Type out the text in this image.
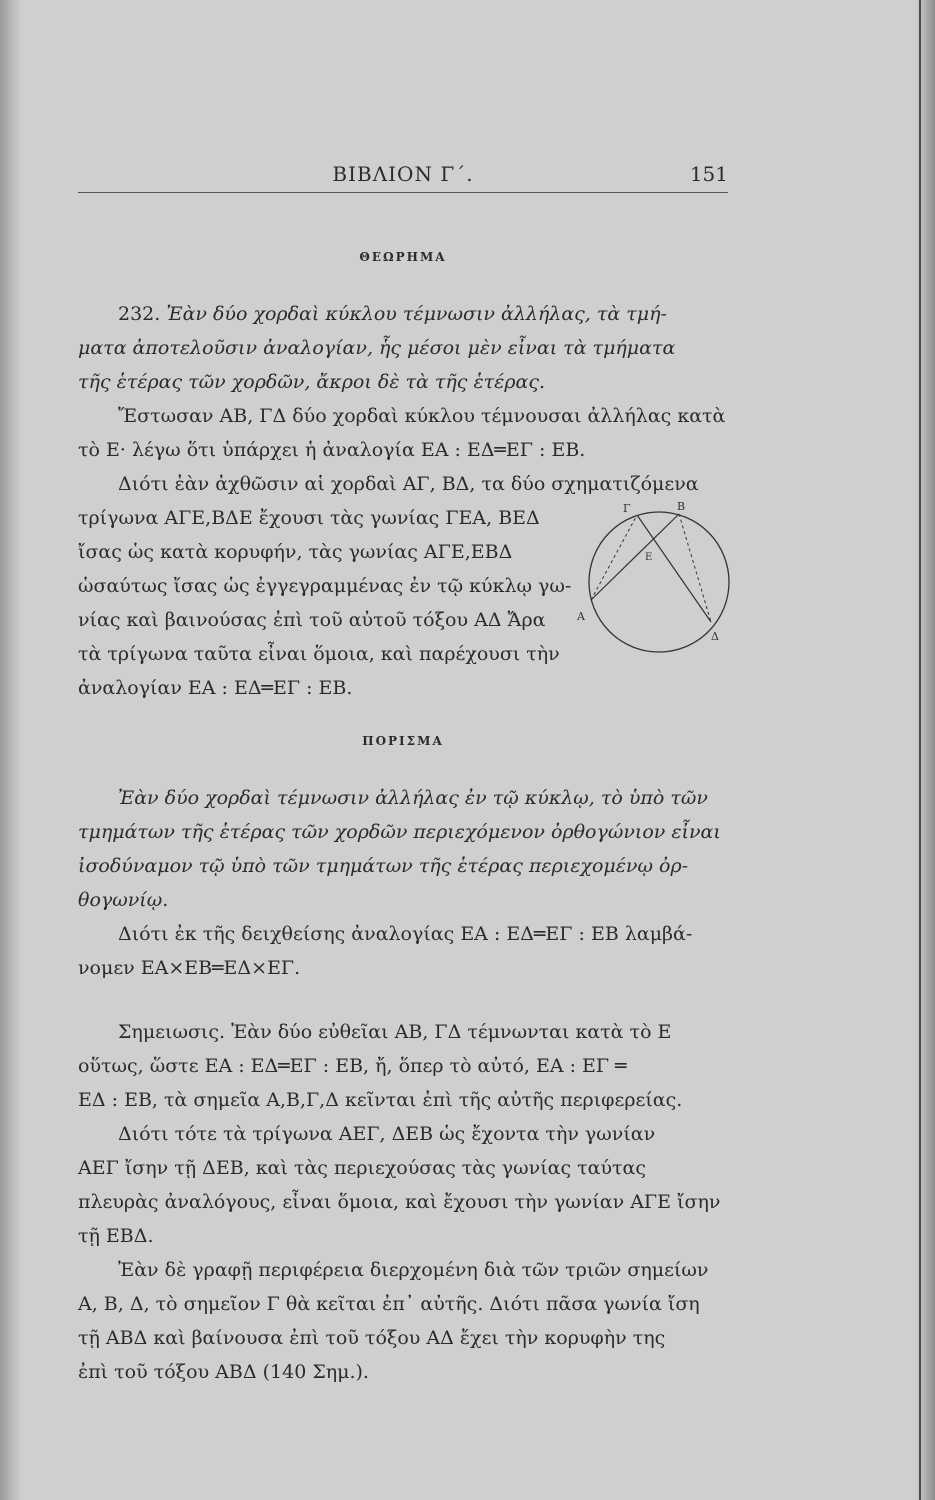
ΒΙΒΛΙΟΝ Γ΄.	151
ΘΕΩΡΗΜΑ
232. Ἐὰν δύο χορδαὶ κύκλου τέμνωσιν ἀλλήλας, τὰ τμή-
ματα ἀποτελοῦσιν ἀναλογίαν, ἧς μέσοι μὲν εἶναι τὰ τμήματα
τῆς ἑτέρας τῶν χορδῶν, ἄκροι δὲ τὰ τῆς ἑτέρας.
Ἔστωσαν ΑΒ, ΓΔ δύο χορδαὶ κύκλου τέμνουσαι ἀλλήλας κατὰ
τὸ Ε· λέγω ὅτι ὑπάρχει ἡ ἀναλογία ΕΑ : ΕΔ═ΕΓ : ΕΒ.
Διότι ἐὰν ἀχθῶσιν αἱ χορδαὶ ΑΓ, ΒΔ, τα δύο σχηματιζόμενα
τρίγωνα ΑΓΕ,ΒΔΕ ἔχουσι τὰς γωνίας ΓΕΑ, ΒΕΔ
ἴσας ὡς κατὰ κορυφήν, τὰς γωνίας ΑΓΕ,ΕΒΔ
ὡσαύτως ἴσας ὡς ἐγγεγραμμένας ἐν τῷ κύκλῳ γω-
νίας καὶ βαινούσας ἐπὶ τοῦ αὐτοῦ τόξου ΑΔ Ἄρα
τὰ τρίγωνα ταῦτα εἶναι ὅμοια, καὶ παρέχουσι τὴν
ἀναλογίαν ΕΑ : ΕΔ═ΕΓ : ΕΒ.
Γ	Β
Ε
Α
Δ
ΠΟΡΙΣΜΑ
Ἐὰν δύο χορδαὶ τέμνωσιν ἀλλήλας ἐν τῷ κύκλῳ, τὸ ὑπὸ τῶν
τμημάτων τῆς ἑτέρας τῶν χορδῶν περιεχόμενον ὀρθογώνιον εἶναι
ἰσοδύναμον τῷ ὑπὸ τῶν τμημάτων τῆς ἑτέρας περιεχομένῳ ὀρ-
θογωνίῳ.
Διότι ἐκ τῆς δειχθείσης ἀναλογίας ΕΑ : ΕΔ═ΕΓ : ΕΒ λαμβά-
νομεν ΕΑ×ΕΒ═ΕΔ×ΕΓ.
Σημειωσις. Ἐὰν δύο εὐθεῖαι ΑΒ, ΓΔ τέμνωνται κατὰ τὸ Ε
οὕτως, ὥστε ΕΑ : ΕΔ═ΕΓ : ΕΒ, ἤ, ὅπερ τὸ αὐτό, ΕΑ : ΕΓ ═
ΕΔ : ΕΒ, τὰ σημεῖα Α,Β,Γ,Δ κεῖνται ἐπὶ τῆς αὐτῆς περιφερείας.
Διότι τότε τὰ τρίγωνα ΑΕΓ, ΔΕΒ ὡς ἔχοντα τὴν γωνίαν
ΑΕΓ ἴσην τῇ ΔΕΒ, καὶ τὰς περιεχούσας τὰς γωνίας ταύτας
πλευρὰς ἀναλόγους, εἶναι ὅμοια, καὶ ἔχουσι τὴν γωνίαν ΑΓΕ ἴσην
τῇ ΕΒΔ.
Ἐὰν δὲ γραφῇ περιφέρεια διερχομένη διὰ τῶν τριῶν σημείων
Α, Β, Δ, τὸ σημεῖον Γ θὰ κεῖται ἐπ᾽ αὐτῆς. Διότι πᾶσα γωνία ἴση
τῇ ΑΒΔ καὶ βαίνουσα ἐπὶ τοῦ τόξου ΑΔ ἔχει τὴν κορυφὴν της
ἐπὶ τοῦ τόξου ΑΒΔ (140 Σημ.).
